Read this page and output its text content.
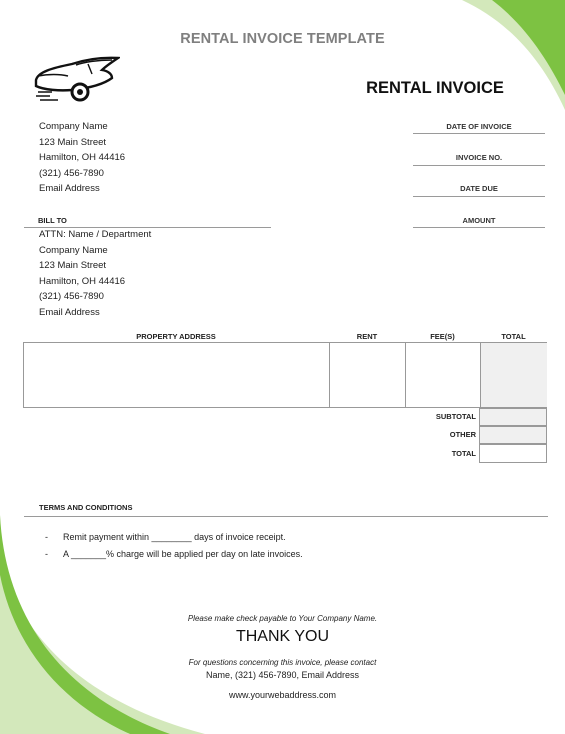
RENTAL INVOICE TEMPLATE
RENTAL INVOICE
Company Name
123 Main Street
Hamilton, OH 44416
(321) 456-7890
Email Address
DATE OF INVOICE
INVOICE NO.
DATE DUE
AMOUNT
BILL TO
ATTN: Name / Department
Company Name
123 Main Street
Hamilton, OH 44416
(321) 456-7890
Email Address
PROPERTY ADDRESS	RENT	FEE(S)	TOTAL
SUBTOTAL
OTHER
TOTAL
TERMS AND CONDITIONS
- Remit payment within ________ days of invoice receipt.
- A _______% charge will be applied per day on late invoices.
Please make check payable to Your Company Name.
THANK YOU
For questions concerning this invoice, please contact
Name, (321) 456-7890, Email Address
www.yourwebaddress.com
